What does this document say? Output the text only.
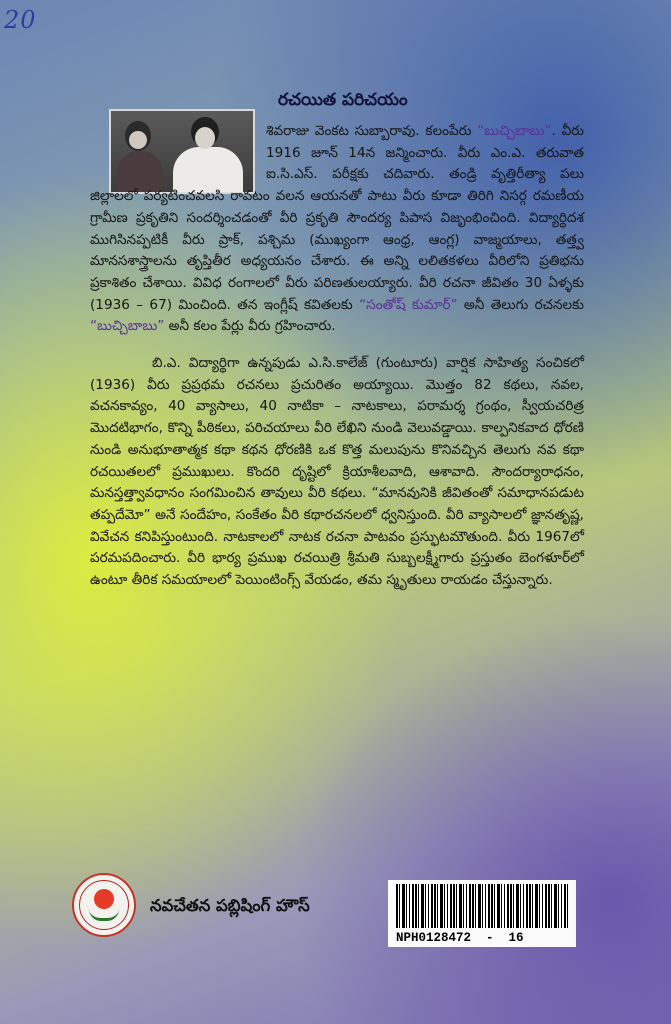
20
రచయిత పరిచయం

శివరాజు వెంకట సుబ్బారావు. కలంపేరు “బుచ్చిబాబు”. వీరు 1916 జూన్ 14న జన్మించారు. వీరు ఎం.ఎ. తరువాత ఐ.సి.ఎస్. పరీక్షకు చదివారు. తండ్రి వృత్తిరీత్యా పలు జిల్లాలలో పర్యటించవలసి రావటం వలన ఆయనతో పాటు వీరు కూడా తిరిగి నిసర్గ రమణీయ గ్రామీణ ప్రకృతిని సందర్శించడంతో వీరి ప్రకృతి సౌందర్య పిపాస విజృంభించింది. విద్యార్థిదశ ముగిసినప్పటికీ వీరు ప్రాక్, పశ్చిమ (ముఖ్యంగా ఆంధ్ర, ఆంగ్ల) వాజ్మయాలు, తత్త్వ మానసశాస్త్రాలను తృప్తితీర అధ్యయనం చేశారు. ఈ అన్ని లలితకళలు వీరిలోని ప్రతిభను ప్రకాశితం చేశాయి. వివిధ రంగాలలో వీరు పరిణతులయ్యారు. వీరి రచనా జీవితం 30 ఏళ్ళకు (1936 – 67) మించింది. తన ఇంగ్లీష్ కవితలకు “సంతోష్ కుమార్” అనీ తెలుగు రచనలకు “బుచ్చిబాబు” అనీ కలం పేర్లు వీరు గ్రహించారు.

బి.ఎ. విద్యార్థిగా ఉన్నపుడు ఎ.సి.కాలేజ్ (గుంటూరు) వార్షిక సాహిత్య సంచికలో (1936) వీరు ప్రప్రథమ రచనలు ప్రచురితం అయ్యాయి. మొత్తం 82 కథలు, నవల, వచనకావ్యం, 40 వ్యాసాలు, 40 నాటికా – నాటకాలు, పరామర్శ గ్రంథం, స్వీయచరిత్ర మొదటిభాగం, కొన్ని పీఠికలు, పరిచయాలు వీరి లేఖిని నుండి వెలువడ్డాయి. కాల్పనికవాద ధోరణి నుండి అనుభూతాత్మక కథా కథన ధోరణికి ఒక కొత్త మలుపును కొనివచ్చిన తెలుగు నవ కథా రచయితలలో ప్రముఖులు. కొందరి దృష్టిలో క్రియాశీలవాది, ఆశావాది. సౌందర్యారాధనం, మనస్తత్త్వావధానం సంగమించిన తావులు వీరి కథలు. “మానవునికి జీవితంతో సమాధానపడుట తప్పదేమో” అనే సందేహం, సంకేతం వీరి కథారచనలలో ధ్వనిస్తుంది. వీరి వ్యాసాలలో జ్ఞానతృష్ణ, వివేచన కనిపిస్తుంటుంది. నాటకాలలో నాటక రచనా పాటవం ప్రస్ఫుటమౌతుంది. వీరు 1967లో పరమపదించారు. వీరి భార్య ప్రముఖ రచయిత్రి శ్రీమతి సుబ్బలక్ష్మీగారు ప్రస్తుతం బెంగళూర్‌లో ఉంటూ తీరిక సమయాలలో పెయింటింగ్స్ వేయడం, తమ స్మృతులు రాయడం చేస్తున్నారు.

నవచేతన పబ్లిషింగ్ హౌస్
NPH0128472  -  16
